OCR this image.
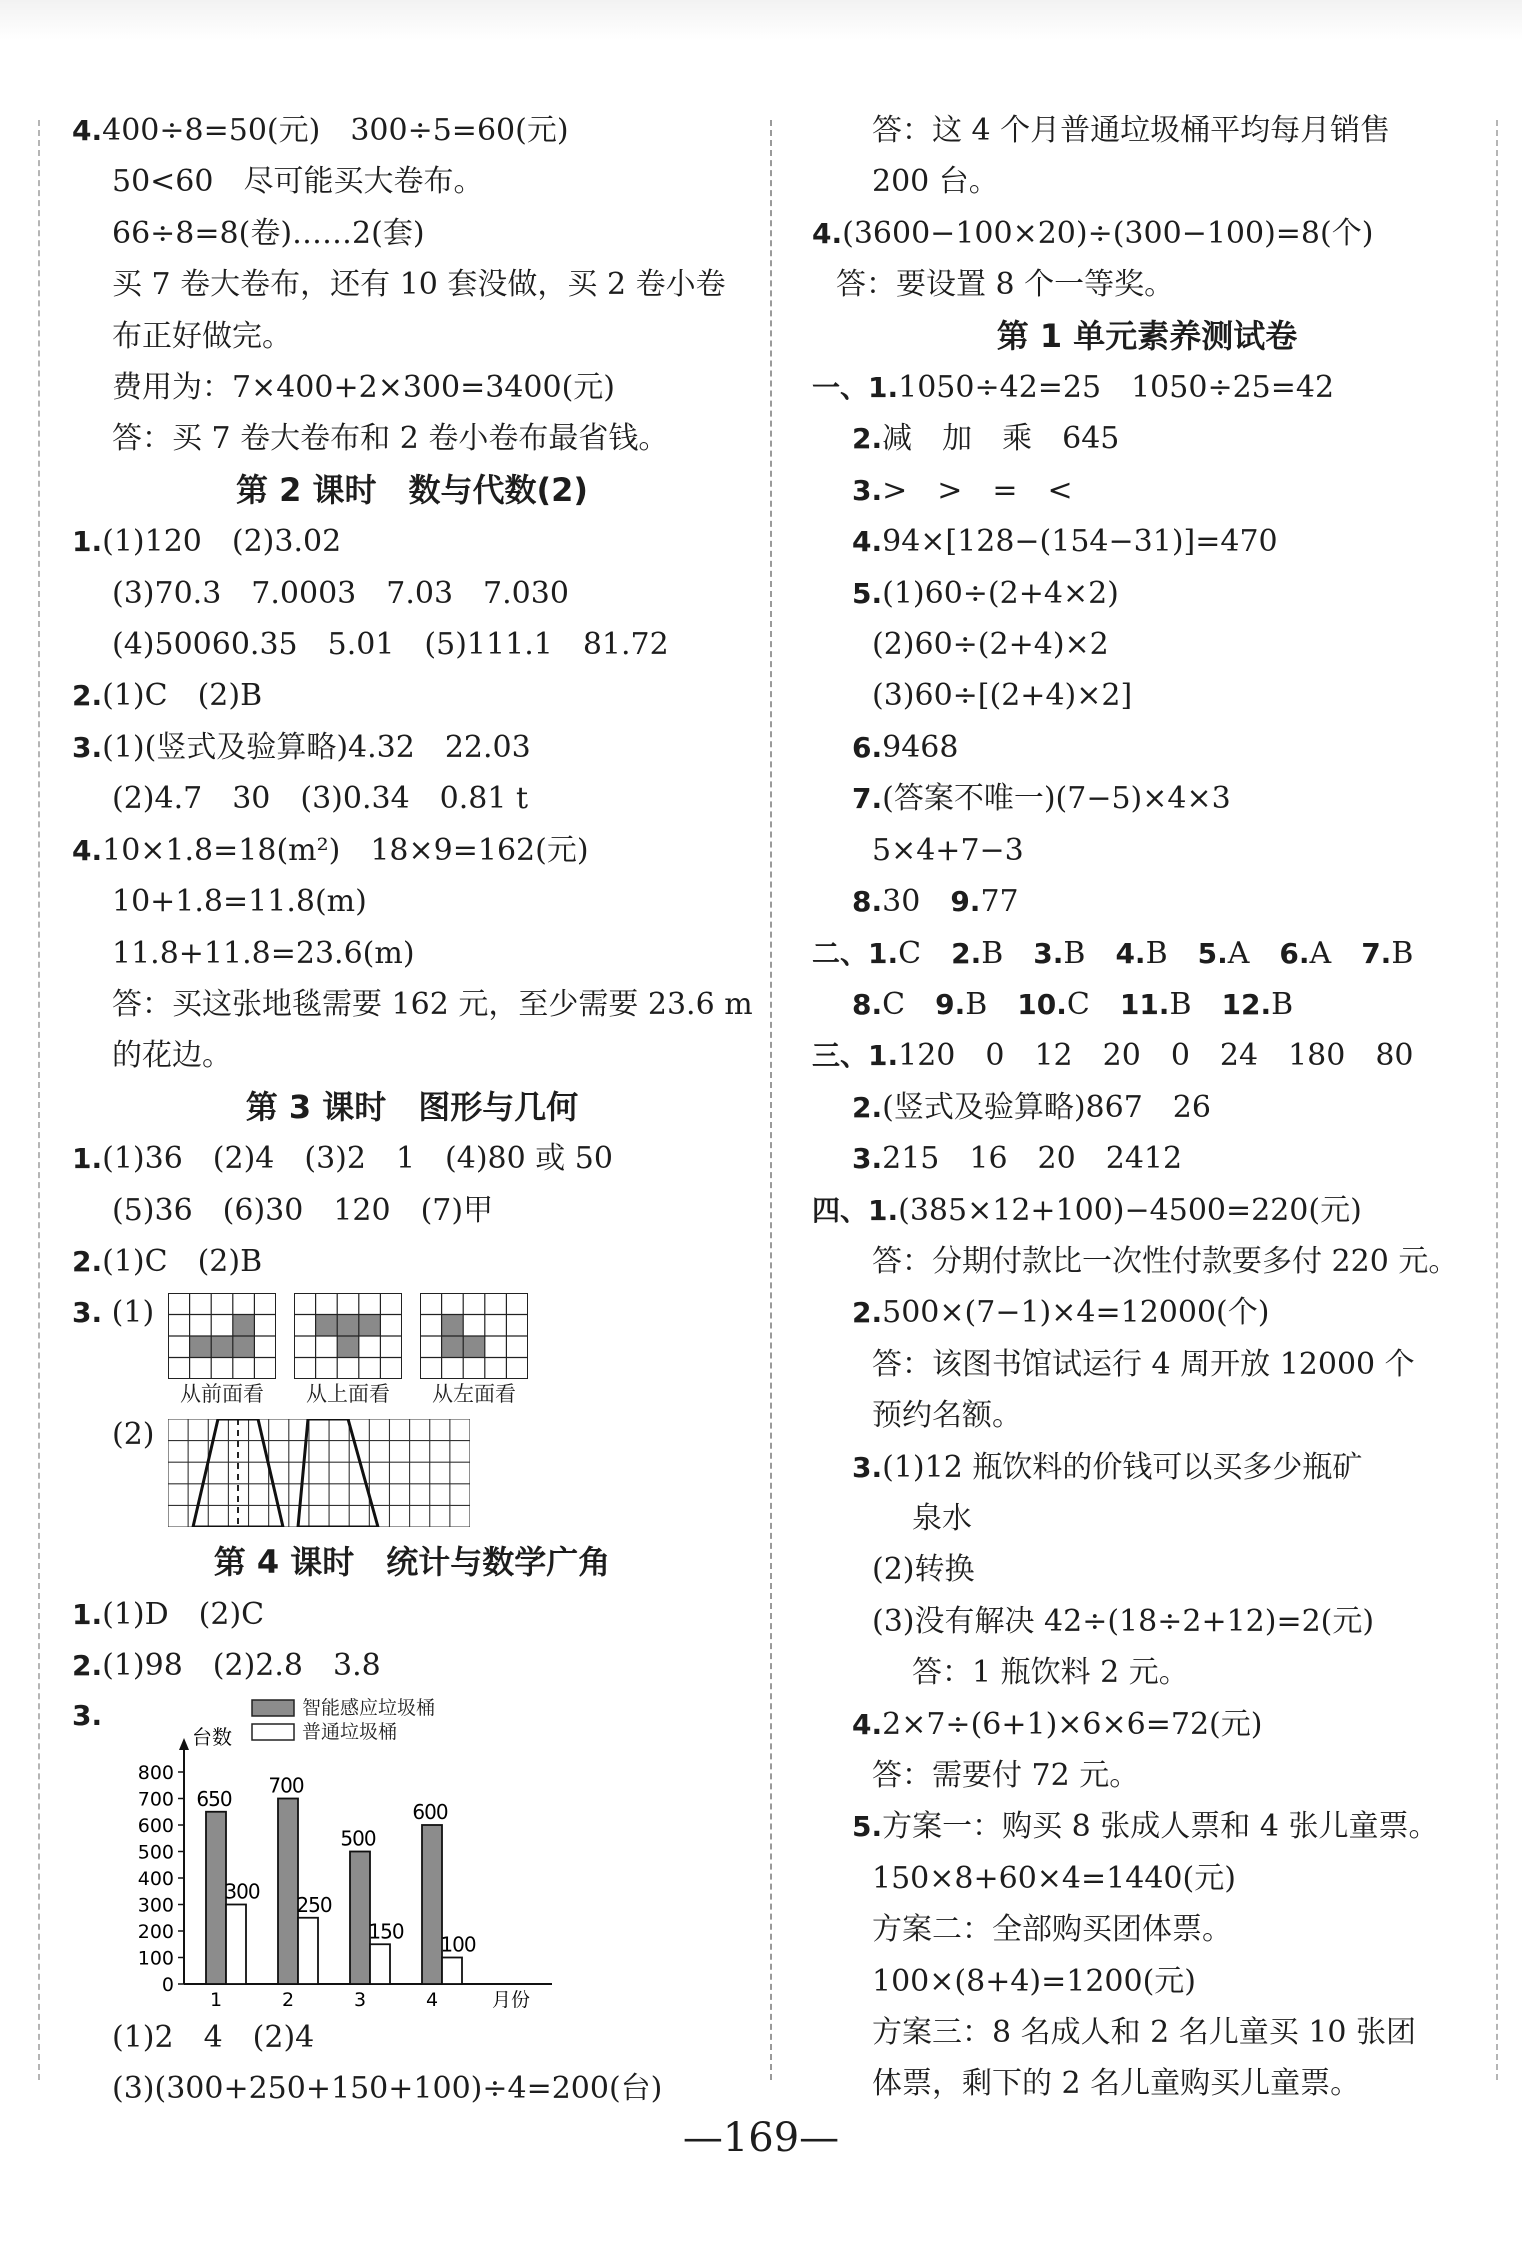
4.400÷8=50(元)　300÷5=60(元)
50<60　尽可能买大卷布。
66÷8=8(卷)……2(套)
买 7 卷大卷布，还有 10 套没做，买 2 卷小卷
布正好做完。
费用为：7×400+2×300=3400(元)
答：买 7 卷大卷布和 2 卷小卷布最省钱。
第 2 课时　数与代数(2)
1.(1)120　(2)3.02
(3)70.3　7.0003　7.03　7.030
(4)50060.35　5.01　(5)111.1　81.72
2.(1)C　(2)B
3.(1)(竖式及验算略)4.32　22.03
(2)4.7　30　(3)0.34　0.81 t
4.10×1.8=18(m²)　18×9=162(元)
10+1.8=11.8(m)
11.8+11.8=23.6(m)
答：买这张地毯需要 162 元，至少需要 23.6 m
的花边。
第 3 课时　图形与几何
1.(1)36　(2)4　(3)2　1　(4)80 或 50
(5)36　(6)30　120　(7)甲
2.(1)C　(2)B
3. (1)
从前面看	从上面看	从左面看
(2)
第 4 课时　统计与数学广角
1.(1)D　(2)C
2.(1)98　(2)2.8　3.8
3.	智能感应垃圾桶
普通垃圾桶
台数
月份
0
100
200
300
400
500
600
700
800
650
300
1
700
250
2
500
150
3
600
100
4
(1)2　4　(2)4
(3)(300+250+150+100)÷4=200(台)
答：这 4 个月普通垃圾桶平均每月销售
200 台。
4.(3600−100×20)÷(300−100)=8(个)
答：要设置 8 个一等奖。
第 1 单元素养测试卷
一、1.1050÷42=25　1050÷25=42
2.减　加　乘　645
3.>　>　=　<
4.94×[128−(154−31)]=470
5.(1)60÷(2+4×2)
(2)60÷(2+4)×2
(3)60÷[(2+4)×2]
6.9468
7.(答案不唯一)(7−5)×4×3
5×4+7−3
8.30　9.77
二、1.C　2.B　3.B　4.B　5.A　6.A　7.B
8.C　9.B　10.C　11.B　12.B
三、1.120　0　12　20　0　24　180　80
2.(竖式及验算略)867　26
3.215　16　20　2412
四、1.(385×12+100)−4500=220(元)
答：分期付款比一次性付款要多付 220 元。
2.500×(7−1)×4=12000(个)
答：该图书馆试运行 4 周开放 12000 个
预约名额。
3.(1)12 瓶饮料的价钱可以买多少瓶矿
泉水
(2)转换
(3)没有解决 42÷(18÷2+12)=2(元)
答：1 瓶饮料 2 元。
4.2×7÷(6+1)×6×6=72(元)
答：需要付 72 元。
5.方案一：购买 8 张成人票和 4 张儿童票。
150×8+60×4=1440(元)
方案二：全部购买团体票。
100×(8+4)=1200(元)
方案三：8 名成人和 2 名儿童买 10 张团
体票，剩下的 2 名儿童购买儿童票。
—169—
